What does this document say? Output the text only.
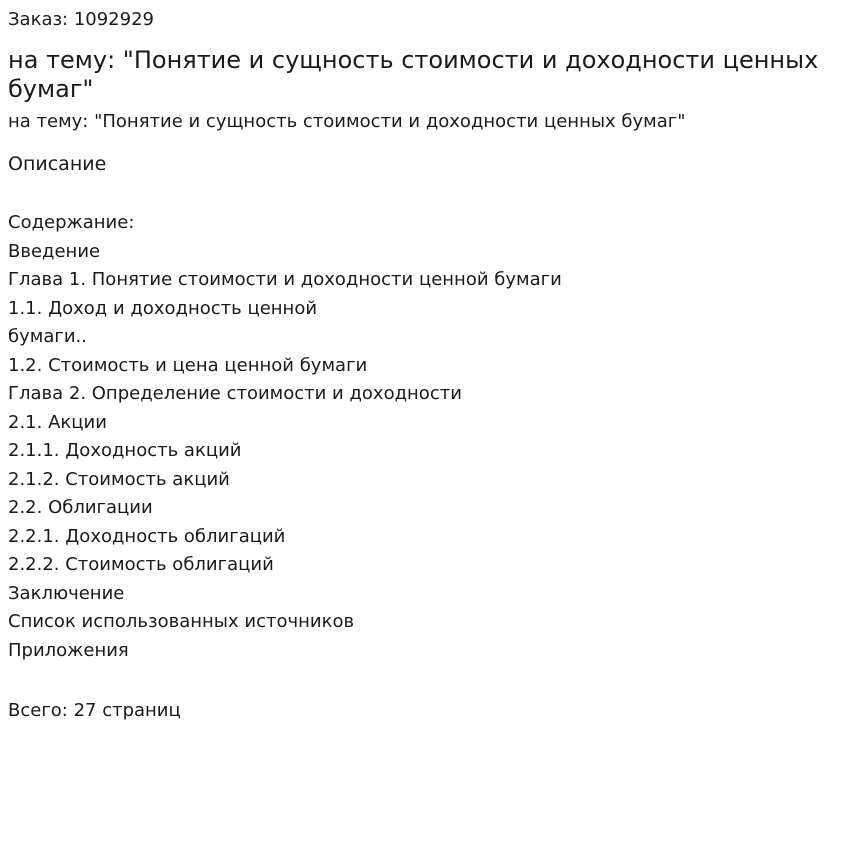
Заказ: 1092929
на тему: "Понятие и сущность стоимости и доходности ценных бумаг"
на тему: "Понятие и сущность стоимости и доходности ценных бумаг"
Описание
Содержание:
Введение
Глава 1. Понятие стоимости и доходности ценной бумаги
1.1. Доход и доходность ценной
бумаги..
1.2. Стоимость и цена ценной бумаги
Глава 2. Определение стоимости и доходности
2.1. Акции
2.1.1. Доходность акций
2.1.2. Стоимость акций
2.2. Облигации
2.2.1. Доходность облигаций
2.2.2. Стоимость облигаций
Заключение
Список использованных источников
Приложения
Всего: 27 страниц
